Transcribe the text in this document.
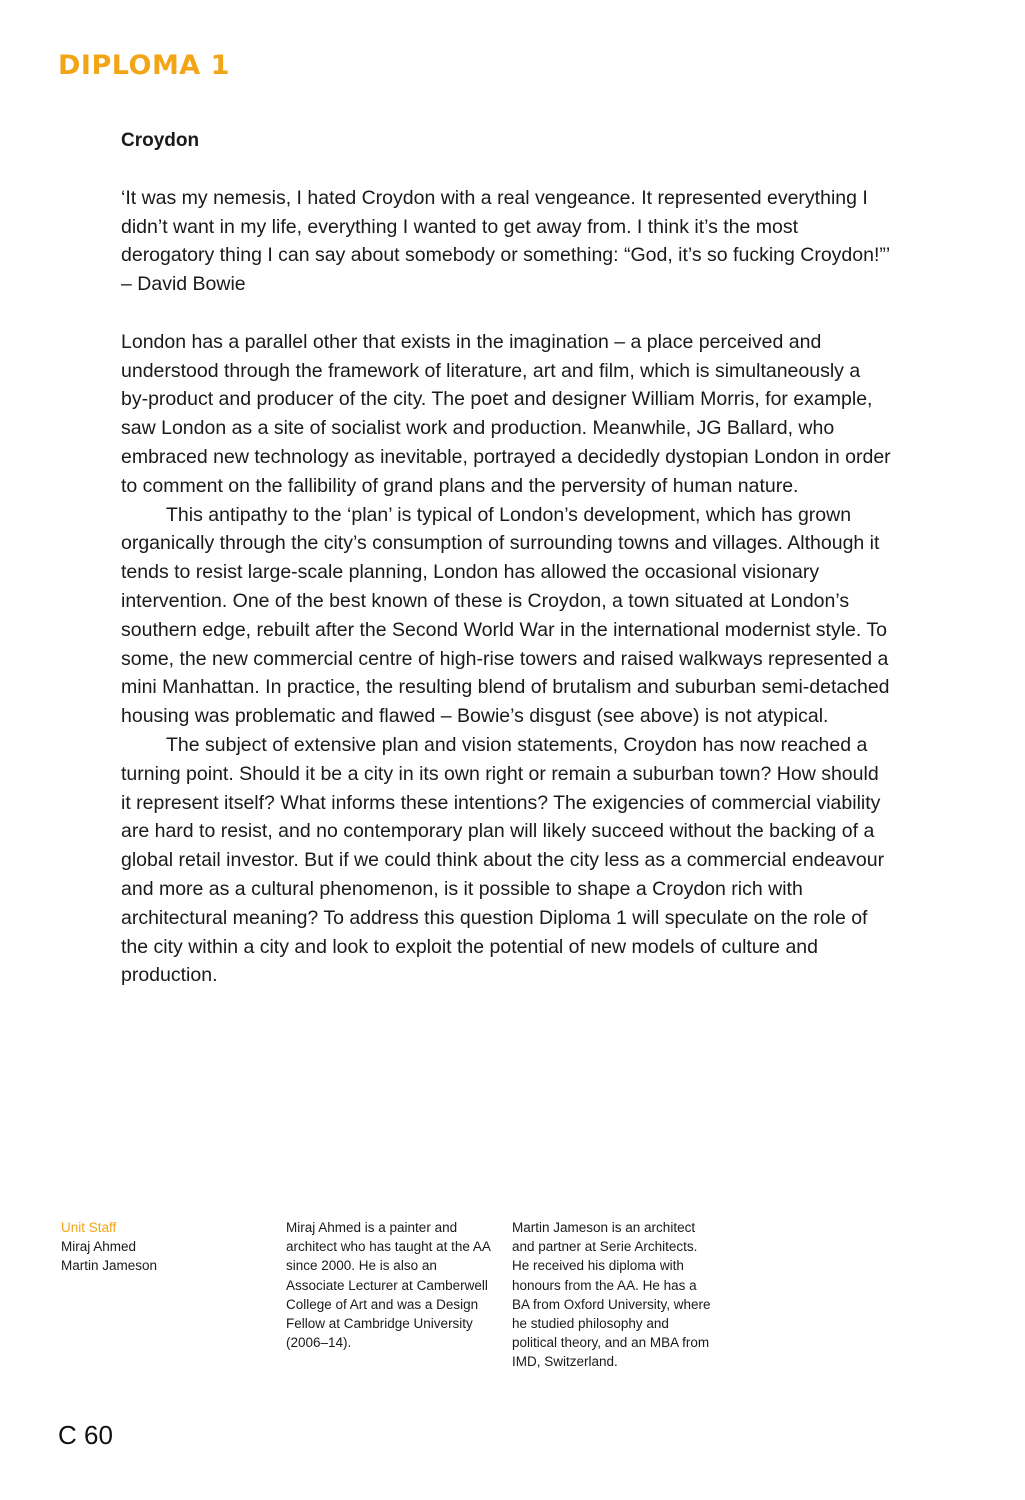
DIPLOMA 1

Croydon

‘It was my nemesis, I hated Croydon with a real vengeance. It represented everything I didn’t want in my life, everything I wanted to get away from. I think it’s the most derogatory thing I can say about somebody or something: “God, it’s so fucking Croydon!”’ – David Bowie

London has a parallel other that exists in the imagination – a place perceived and understood through the framework of literature, art and film, which is simultaneously a by-product and producer of the city. The poet and designer William Morris, for example, saw London as a site of socialist work and production. Meanwhile, JG Ballard, who embraced new technology as inevitable, portrayed a decidedly dystopian London in order to comment on the fallibility of grand plans and the perversity of human nature.

This antipathy to the ‘plan’ is typical of London’s development, which has grown organically through the city’s consumption of surrounding towns and villages. Although it tends to resist large-scale planning, London has allowed the occasional visionary intervention. One of the best known of these is Croydon, a town situated at London’s southern edge, rebuilt after the Second World War in the international modernist style. To some, the new commercial centre of high-rise towers and raised walkways represented a mini Manhattan. In practice, the resulting blend of brutalism and suburban semi-detached housing was problematic and flawed – Bowie’s disgust (see above) is not atypical.

The subject of extensive plan and vision statements, Croydon has now reached a turning point. Should it be a city in its own right or remain a suburban town? How should it represent itself? What informs these intentions? The exigencies of commercial viability are hard to resist, and no contemporary plan will likely succeed without the backing of a global retail investor. But if we could think about the city less as a commercial endeavour and more as a cultural phenomenon, is it possible to shape a Croydon rich with architectural meaning? To address this question Diploma 1 will speculate on the role of the city within a city and look to exploit the potential of new models of culture and production.

Unit Staff

Miraj Ahmed

Martin Jameson

Miraj Ahmed is a painter and architect who has taught at the AA since 2000. He is also an Associate Lecturer at Camberwell College of Art and was a Design Fellow at Cambridge University (2006–14).

Martin Jameson is an architect and partner at Serie Architects. He received his diploma with honours from the AA. He has a BA from Oxford University, where he studied philosophy and political theory, and an MBA from IMD, Switzerland.

C 60
